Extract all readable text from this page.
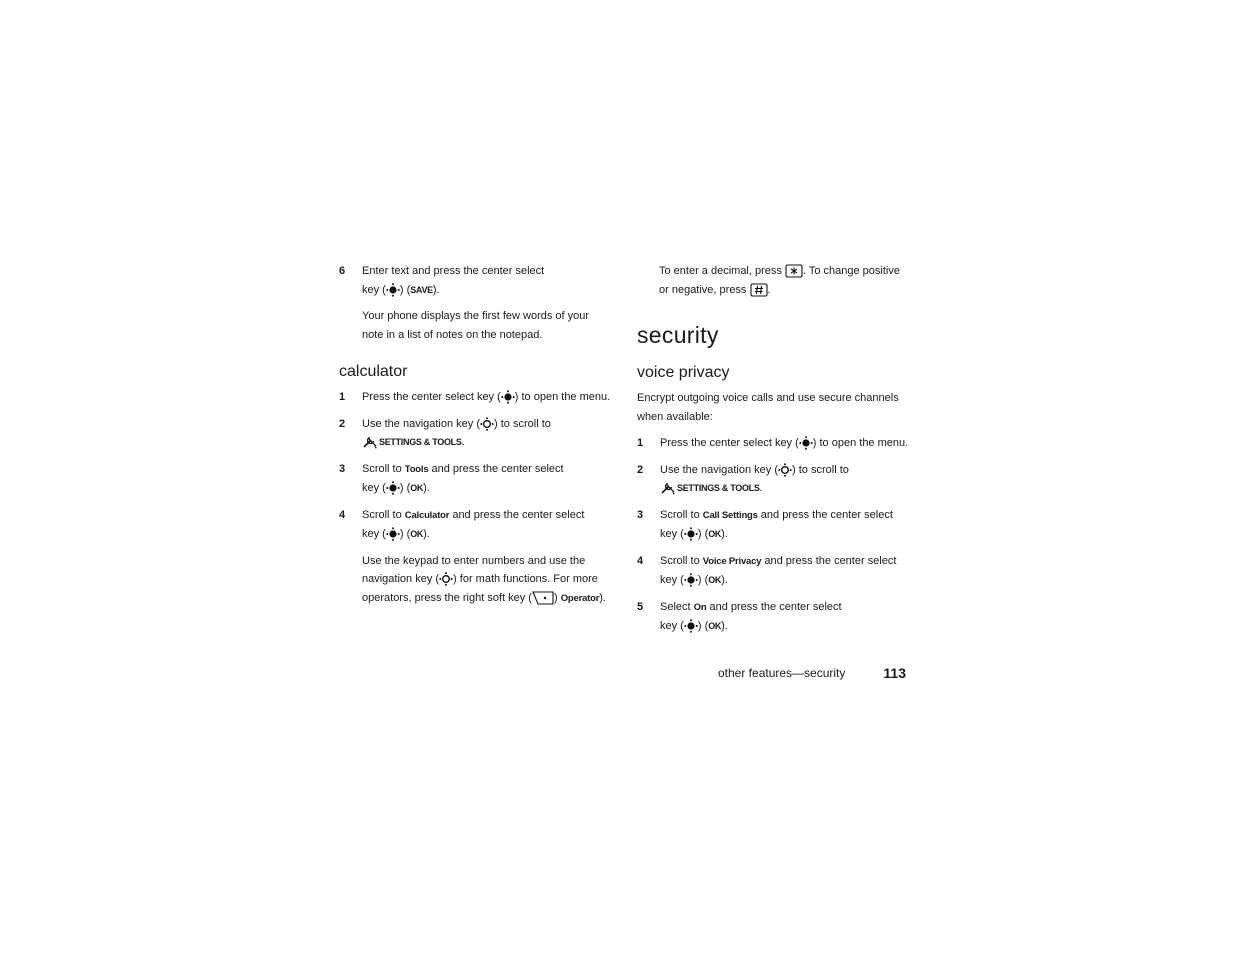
6 Enter text and press the center select
key ( ) (SAVE).
Your phone displays the first few words of your note in a list of notes on the notepad.
calculator
1 Press the center select key ( ) to open the menu.
2 Use the navigation key ( ) to scroll to

SETTINGS & TOOLS.
3 Scroll to Tools and press the center select
key ( ) (OK).
4 Scroll to Calculator and press the center select
key ( ) (OK).
Use the keypad to enter numbers and use the navigation key ( ) for math functions. For more operators, press the right soft key ( ) Operator).
To enter a decimal, press
. To change positive or negative, press
.
security
voice privacy
Encrypt outgoing voice calls and use secure channels when available:
1 Press the center select key ( ) to open the menu.
2 Use the navigation key ( ) to scroll to

SETTINGS & TOOLS.
3 Scroll to Call Settings and press the center select
key ( ) (OK).
4 Scroll to Voice Privacy and press the center select
key ( ) (OK).
5 Select On and press the center select
key ( ) (OK).
other features—security	113
